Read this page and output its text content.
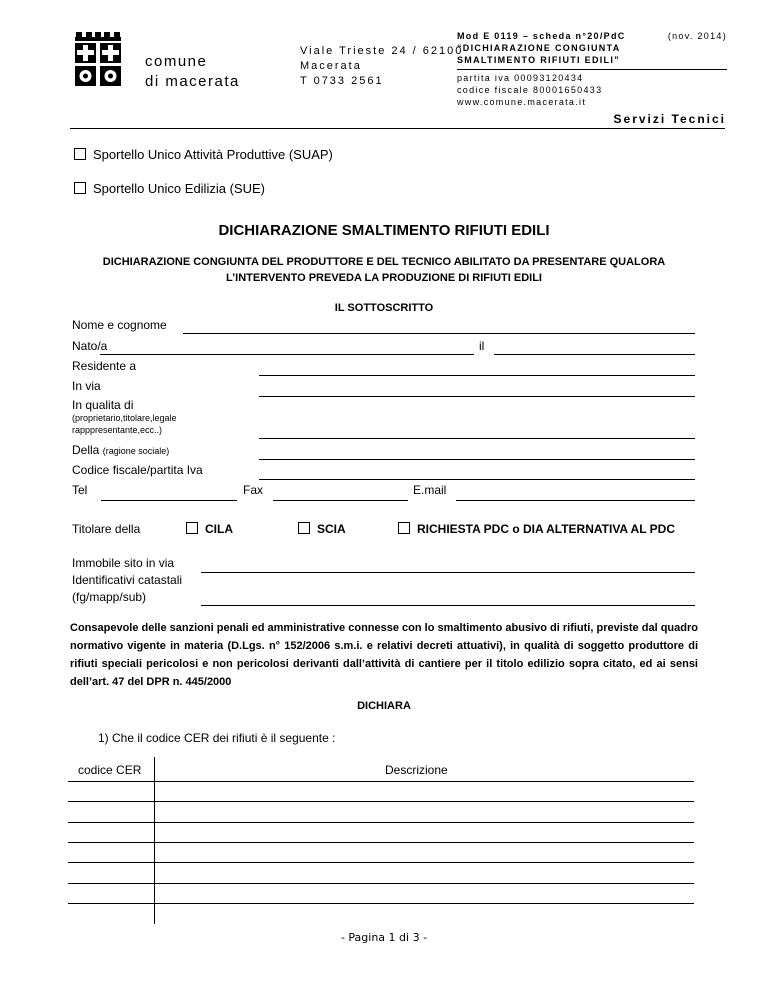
comune
di macerata
Viale Trieste 24 / 62100
Macerata
T 0733 2561
Mod E 0119 – scheda n°20/PdC	(nov. 2014)
“DICHIARAZIONE CONGIUNTA
SMALTIMENTO RIFIUTI EDILI”
partita iva 00093120434
codice fiscale 80001650433
www.comune.macerata.it
Servizi Tecnici
Sportello Unico Attività Produttive (SUAP)
Sportello Unico Edilizia (SUE)
DICHIARAZIONE SMALTIMENTO RIFIUTI EDILI
DICHIARAZIONE CONGIUNTA DEL PRODUTTORE E DEL TECNICO ABILITATO DA PRESENTARE QUALORA
L’INTERVENTO PREVEDA LA PRODUZIONE DI RIFIUTI EDILI
IL SOTTOSCRITTO
Nome e cognome
Nato/a	il
Residente a
In via
In qualita di
(proprietario,titolare,legale
rapppresentante,ecc..)
Della (ragione sociale)
Codice fiscale/partita Iva
Tel	Fax	E.mail
Titolare della	CILA	SCIA	RICHIESTA PDC o DIA ALTERNATIVA AL PDC
Immobile sito in via
Identificativi catastali
(fg/mapp/sub)
Consapevole delle sanzioni penali ed amministrative connesse con lo smaltimento abusivo di rifiuti, previste dal quadro normativo vigente in materia (D.Lgs. n° 152/2006 s.m.i. e relativi decreti attuativi), in qualità di soggetto produttore di rifiuti speciali pericolosi e non pericolosi derivanti dall’attività di cantiere per il titolo edilizio sopra citato, ed ai sensi dell’art. 47 del DPR n. 445/2000
DICHIARA
1) Che il codice CER dei rifiuti è il seguente :
codice CER	Descrizione
- Pagina 1 di 3 -
